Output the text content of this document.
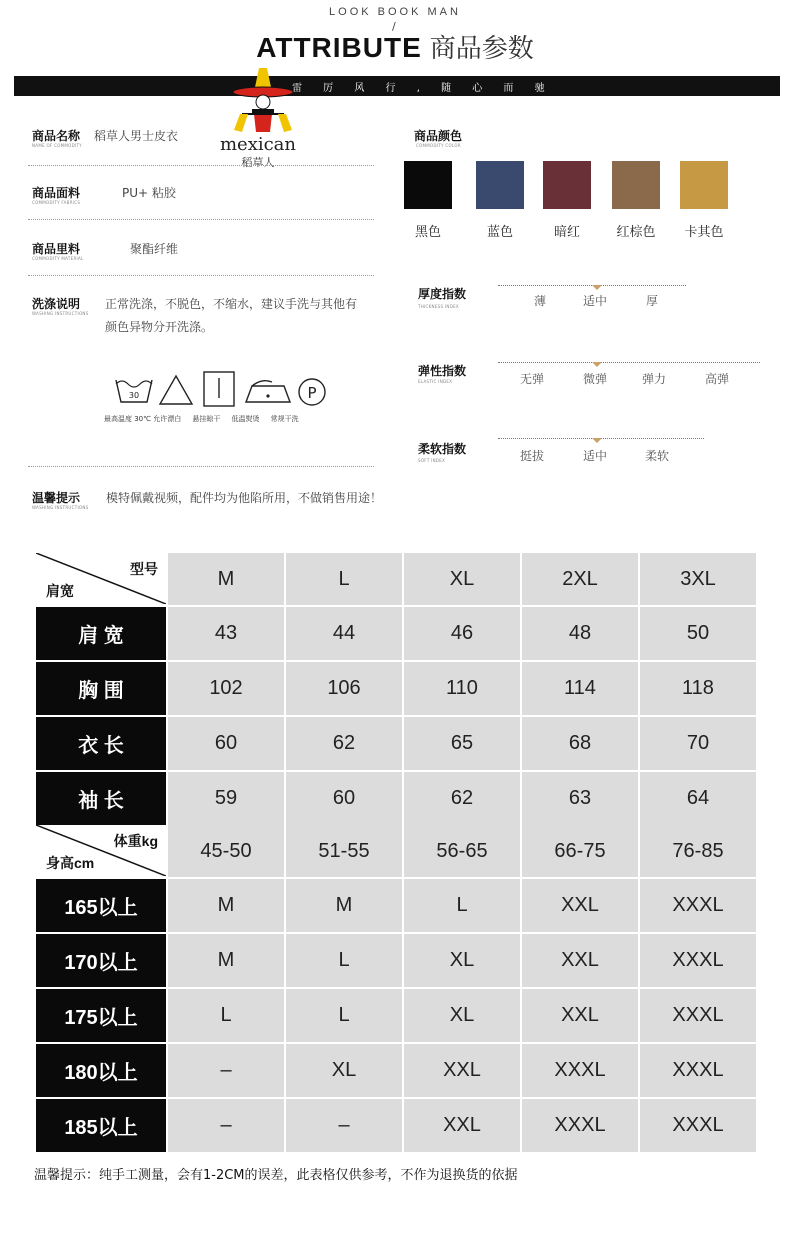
LOOK BOOK MAN
/
ATTRIBUTE 商品参数
雷 厉 风 行 , 随 心 而 驰
mexican
稻草人
商品名称
NAME OF COMMODITY
稻草人男士皮衣
商品面料
COMMODITY FABRICS
PU+ 粘胶
商品里料
COMMODITY MATERIAL
聚酯纤维
洗涤说明
WASHING INSTRUCTIONS
正常洗涤，不脱色，不缩水，建议手洗与其他有
颜色异物分开洗涤。
30	P
最高温度 30℃ 允许漂白     悬挂晾干     低温熨烫     常规干洗
温馨提示
WASHING INSTRUCTIONS
模特佩戴视频，配件均为他陷所用，不做销售用途！
商品颜色
COMMODITY COLOR
黑色	蓝色	暗红	红棕色	卡其色
厚度指数
THICKNESS INDEX	薄	适中	厚
弹性指数
ELASTIC INDEX	无弹	微弹	弹力	高弹
柔软指数
SOFT INDEX	挺拔	适中	柔软
型号
肩宽	M	L	XL	2XL	3XL
肩 宽	43	44	46	48	50
胸 围	102	106	110	114	118
衣 长	60	62	65	68	70
袖 长	59	60	62	63	64
体重kg
身高cm	45-50	51-55	56-65	66-75	76-85
165以上	M	M	L	XXL	XXXL
170以上	M	L	XL	XXL	XXXL
175以上	L	L	XL	XXL	XXXL
180以上	–	XL	XXL	XXXL	XXXL
185以上	–	–	XXL	XXXL	XXXL
温馨提示：纯手工测量，会有1-2CM的误差，此表格仅供参考，不作为退换货的依据
